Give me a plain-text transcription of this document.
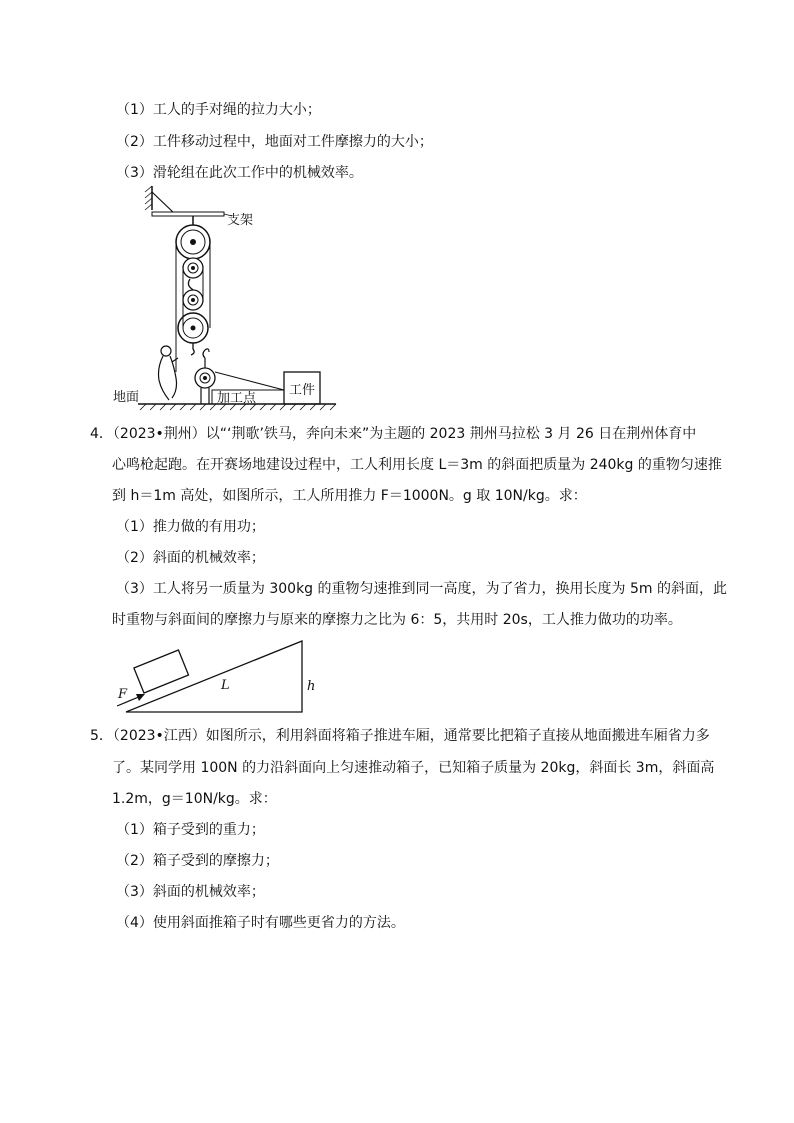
（1）工人的手对绳的拉力大小；
（2）工件移动过程中，地面对工件摩擦力的大小；
（3）滑轮组在此次工作中的机械效率。
支架
加工点
工件
地面
4．（2023•荆州）以“‘荆歌’铁马，奔向未来”为主题的 2023 荆州马拉松 3 月 26 日在荆州体育中
心鸣枪起跑。在开赛场地建设过程中，工人利用长度 L＝3m 的斜面把质量为 240kg 的重物匀速推
到 h＝1m 高处，如图所示，工人所用推力 F＝1000N。g 取 10N/kg。求：
（1）推力做的有用功；
（2）斜面的机械效率；
（3）工人将另一质量为 300kg 的重物匀速推到同一高度，为了省力，换用长度为 5m 的斜面，此
时重物与斜面间的摩擦力与原来的摩擦力之比为 6：5，共用时 20s，工人推力做功的功率。
F
L	h
5．（2023•江西）如图所示，利用斜面将箱子推进车厢，通常要比把箱子直接从地面搬进车厢省力多
了。某同学用 100N 的力沿斜面向上匀速推动箱子，已知箱子质量为 20kg，斜面长 3m，斜面高
1.2m，g＝10N/kg。求：
（1）箱子受到的重力；
（2）箱子受到的摩擦力；
（3）斜面的机械效率；
（4）使用斜面推箱子时有哪些更省力的方法。
